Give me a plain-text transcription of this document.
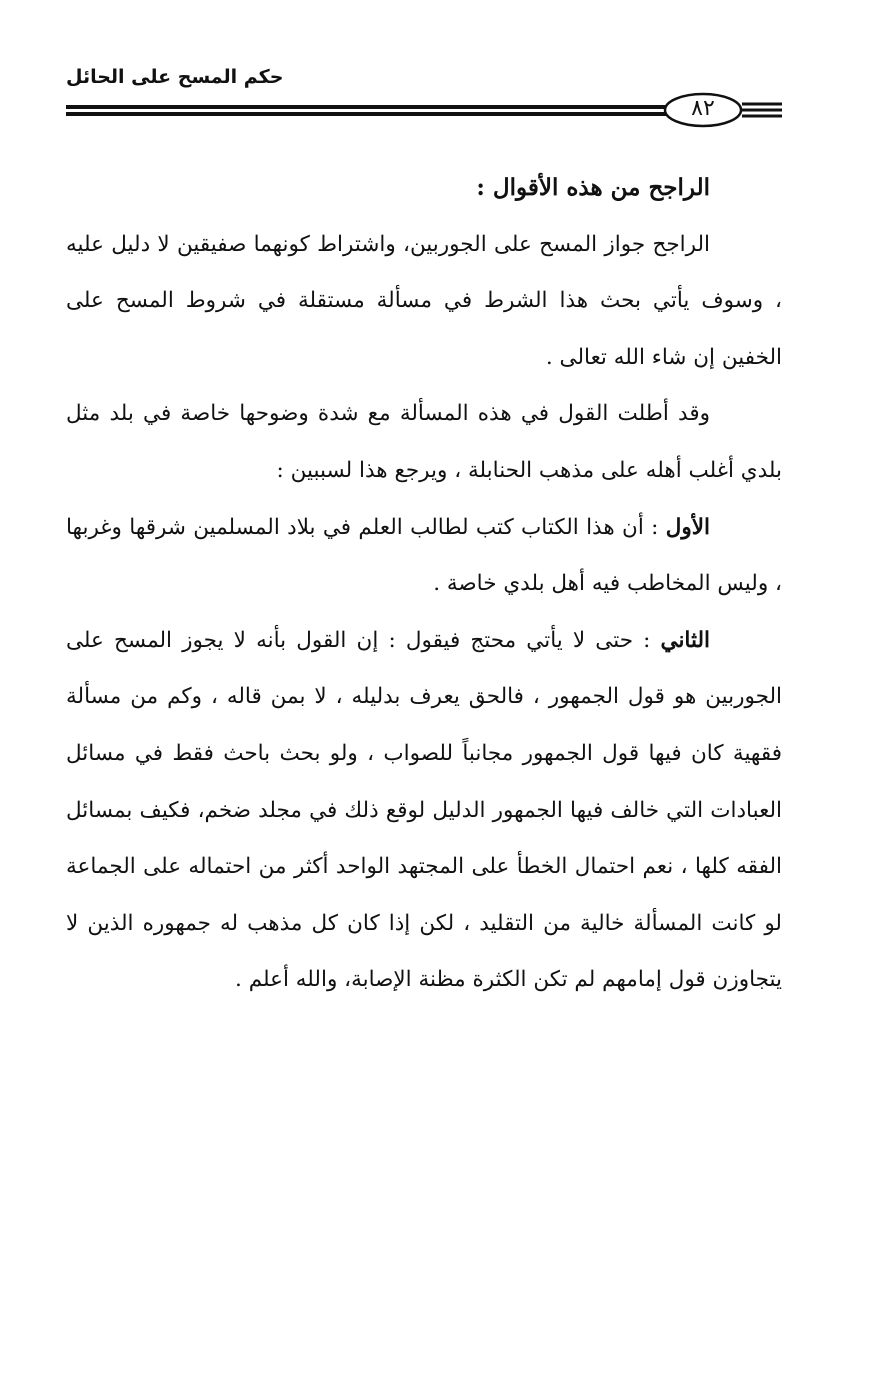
حكم المسح على الحائل
٨٢

الراجح من هذه الأقوال :

الراجح جواز المسح على الجوربين، واشتراط كونهما صفيقين لا دليل عليه ، وسوف يأتي بحث هذا الشرط في مسألة مستقلة في شروط المسح على الخفين إن شاء الله تعالى .

وقد أطلت القول في هذه المسألة مع شدة وضوحها خاصة في بلد مثل بلدي أغلب أهله على مذهب الحنابلة ، ويرجع هذا لسببين :

الأول : أن هذا الكتاب كتب لطالب العلم في بلاد المسلمين شرقها وغربها ، وليس المخاطب فيه أهل بلدي خاصة .

الثاني : حتى لا يأتي محتج فيقول : إن القول بأنه لا يجوز المسح على الجوربين هو قول الجمهور ، فالحق يعرف بدليله ، لا بمن قاله ، وكم من مسألة فقهية كان فيها قول الجمهور مجانباً للصواب ، ولو بحث باحث فقط في مسائل العبادات التي خالف فيها الجمهور الدليل لوقع ذلك في مجلد ضخم، فكيف بمسائل الفقه كلها ، نعم احتمال الخطأ على المجتهد الواحد أكثر من احتماله على الجماعة لو كانت المسألة خالية من التقليد ، لكن إذا كان كل مذهب له جمهوره الذين لا يتجاوزن قول إمامهم لم تكن الكثرة مظنة الإصابة، والله أعلم .
